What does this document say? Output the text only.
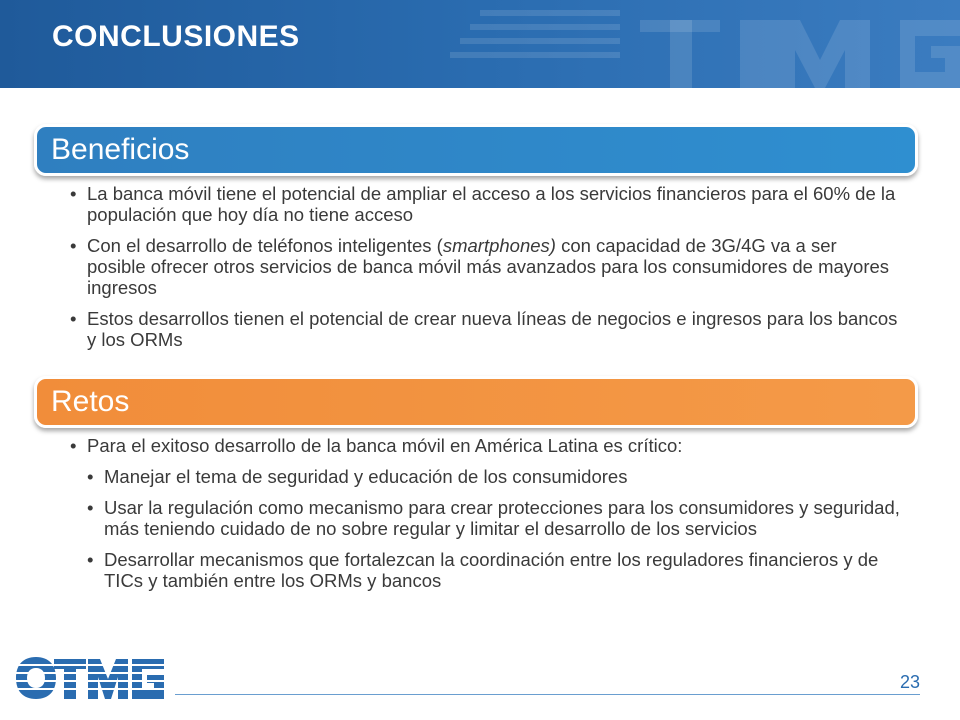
CONCLUSIONES
Beneficios
• La banca móvil tiene el potencial de ampliar el acceso a los servicios financieros para el 60% de la populación que hoy día no tiene acceso
• Con el desarrollo de teléfonos inteligentes (smartphones) con capacidad de 3G/4G va a ser posible ofrecer otros servicios de banca móvil más avanzados para los consumidores de mayores ingresos
• Estos desarrollos tienen el potencial de crear nueva líneas de negocios e ingresos para los bancos y los ORMs
Retos
• Para el exitoso desarrollo de la banca móvil en América Latina es crítico:
• Manejar el tema de seguridad y educación de los consumidores
• Usar la regulación como mecanismo para crear protecciones para los consumidores y seguridad, más teniendo cuidado de no sobre regular y limitar el desarrollo de los servicios
• Desarrollar mecanismos que fortalezcan la coordinación entre los reguladores financieros y de TICs y también entre los ORMs y bancos
23
